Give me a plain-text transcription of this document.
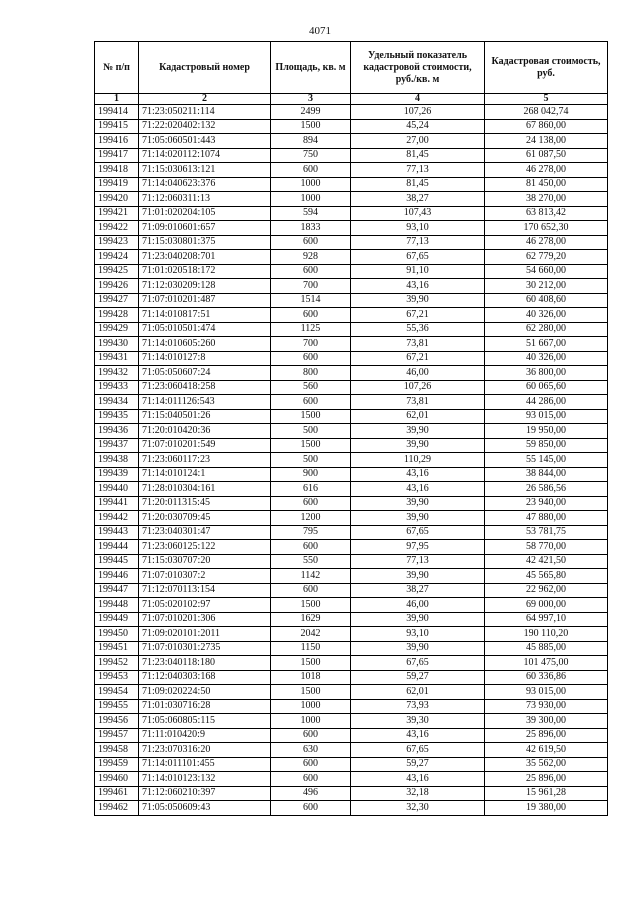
4071
№ п/п	Кадастровый номер	Площадь, кв. м	Удельный показатель кадастровой стоимости, руб./кв. м	Кадастровая стоимость, руб.
1	2	3	4	5
199414	71:23:050211:114	2499	107,26	268 042,74
199415	71:22:020402:132	1500	45,24	67 860,00
199416	71:05:060501:443	894	27,00	24 138,00
199417	71:14:020112:1074	750	81,45	61 087,50
199418	71:15:030613:121	600	77,13	46 278,00
199419	71:14:040623:376	1000	81,45	81 450,00
199420	71:12:060311:13	1000	38,27	38 270,00
199421	71:01:020204:105	594	107,43	63 813,42
199422	71:09:010601:657	1833	93,10	170 652,30
199423	71:15:030801:375	600	77,13	46 278,00
199424	71:23:040208:701	928	67,65	62 779,20
199425	71:01:020518:172	600	91,10	54 660,00
199426	71:12:030209:128	700	43,16	30 212,00
199427	71:07:010201:487	1514	39,90	60 408,60
199428	71:14:010817:51	600	67,21	40 326,00
199429	71:05:010501:474	1125	55,36	62 280,00
199430	71:14:010605:260	700	73,81	51 667,00
199431	71:14:010127:8	600	67,21	40 326,00
199432	71:05:050607:24	800	46,00	36 800,00
199433	71:23:060418:258	560	107,26	60 065,60
199434	71:14:011126:543	600	73,81	44 286,00
199435	71:15:040501:26	1500	62,01	93 015,00
199436	71:20:010420:36	500	39,90	19 950,00
199437	71:07:010201:549	1500	39,90	59 850,00
199438	71:23:060117:23	500	110,29	55 145,00
199439	71:14:010124:1	900	43,16	38 844,00
199440	71:28:010304:161	616	43,16	26 586,56
199441	71:20:011315:45	600	39,90	23 940,00
199442	71:20:030709:45	1200	39,90	47 880,00
199443	71:23:040301:47	795	67,65	53 781,75
199444	71:23:060125:122	600	97,95	58 770,00
199445	71:15:030707:20	550	77,13	42 421,50
199446	71:07:010307:2	1142	39,90	45 565,80
199447	71:12:070113:154	600	38,27	22 962,00
199448	71:05:020102:97	1500	46,00	69 000,00
199449	71:07:010201:306	1629	39,90	64 997,10
199450	71:09:020101:2011	2042	93,10	190 110,20
199451	71:07:010301:2735	1150	39,90	45 885,00
199452	71:23:040118:180	1500	67,65	101 475,00
199453	71:12:040303:168	1018	59,27	60 336,86
199454	71:09:020224:50	1500	62,01	93 015,00
199455	71:01:030716:28	1000	73,93	73 930,00
199456	71:05:060805:115	1000	39,30	39 300,00
199457	71:11:010420:9	600	43,16	25 896,00
199458	71:23:070316:20	630	67,65	42 619,50
199459	71:14:011101:455	600	59,27	35 562,00
199460	71:14:010123:132	600	43,16	25 896,00
199461	71:12:060210:397	496	32,18	15 961,28
199462	71:05:050609:43	600	32,30	19 380,00
